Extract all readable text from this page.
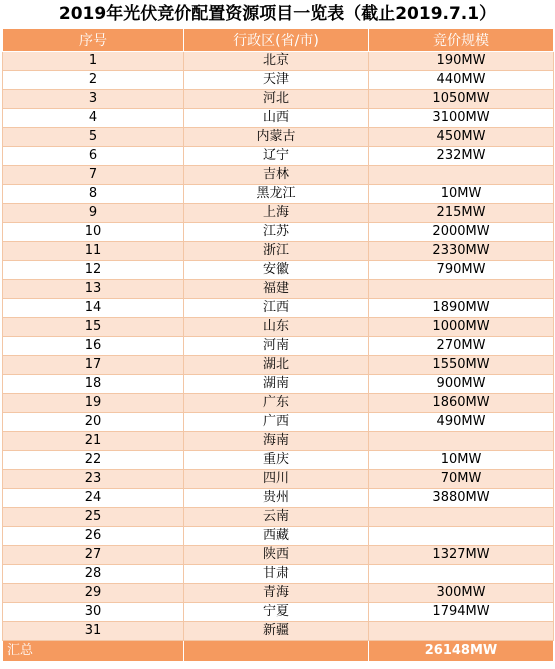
2019年光伏竞价配置资源项目一览表（截止2019.7.1）
序号	行政区(省/市)	竞价规模
1	北京	190MW
2	天津	440MW
3	河北	1050MW
4	山西	3100MW
5	内蒙古	450MW
6	辽宁	232MW
7	吉林	
8	黑龙江	10MW
9	上海	215MW
10	江苏	2000MW
11	浙江	2330MW
12	安徽	790MW
13	福建	
14	江西	1890MW
15	山东	1000MW
16	河南	270MW
17	湖北	1550MW
18	湖南	900MW
19	广东	1860MW
20	广西	490MW
21	海南	
22	重庆	10MW
23	四川	70MW
24	贵州	3880MW
25	云南	
26	西藏	
27	陕西	1327MW
28	甘肃	
29	青海	300MW
30	宁夏	1794MW
31	新疆	
汇总		26148MW
